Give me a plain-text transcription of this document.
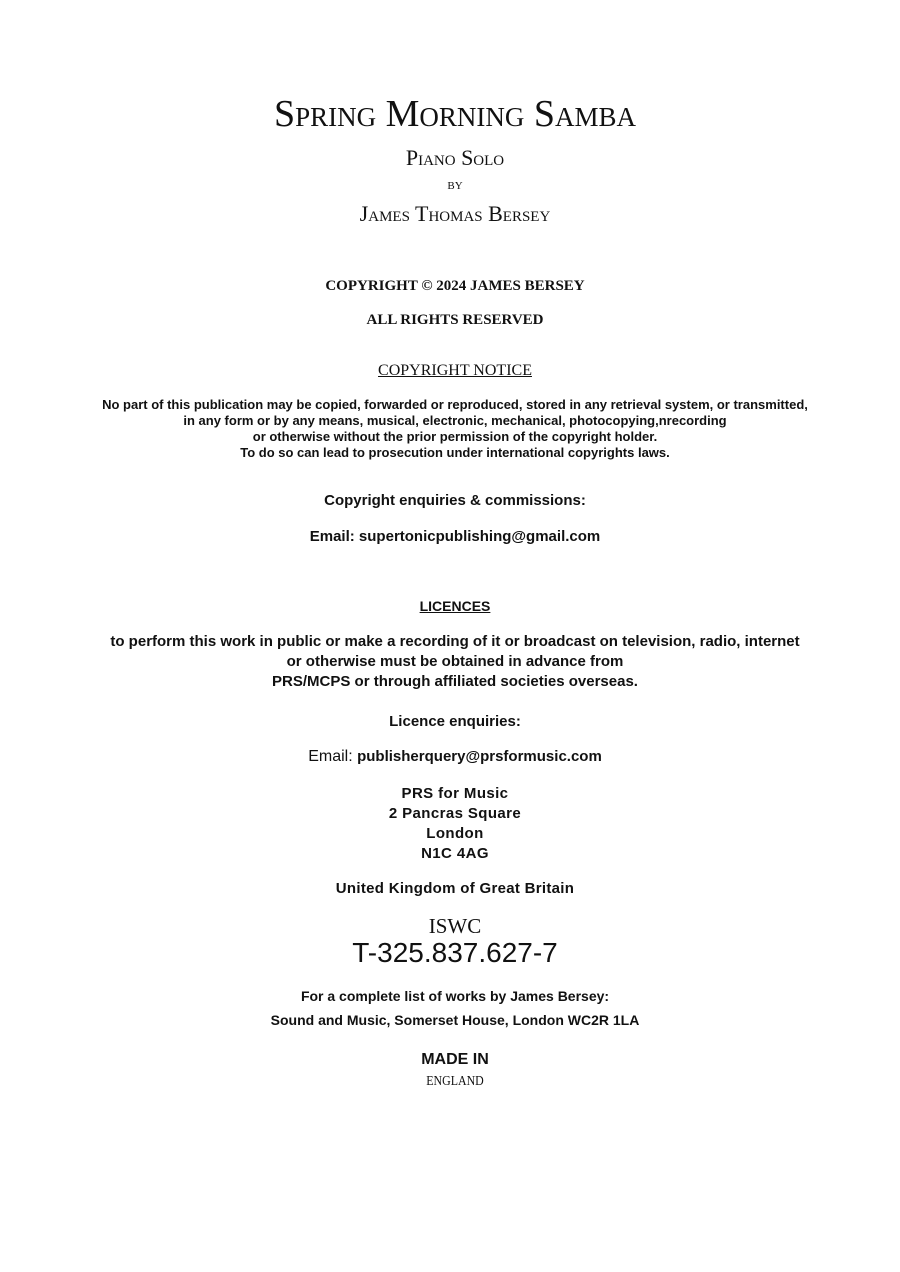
Spring Morning Samba
Piano Solo
by
James Thomas Bersey
COPYRIGHT © 2024 JAMES BERSEY
ALL RIGHTS RESERVED
COPYRIGHT NOTICE
No part of this publication may be copied, forwarded or reproduced, stored in any retrieval system, or transmitted,
in any form or by any means, musical, electronic, mechanical, photocopying,nrecording
or otherwise without the prior permission of the copyright holder.
To do so can lead to prosecution under international copyrights laws.
Copyright enquiries & commissions:
Email: supertonicpublishing@gmail.com
LICENCES
to perform this work in public or make a recording of it or broadcast on television, radio, internet
or otherwise must be obtained in advance from
PRS/MCPS or through affiliated societies overseas.
Licence enquiries:
Email: publisherquery@prsformusic.com
PRS for Music
2 Pancras Square
London
N1C 4AG
United Kingdom of Great Britain
ISWC
T-325.837.627-7
For a complete list of works by James Bersey:
Sound and Music, Somerset House, London WC2R 1LA
MADE IN
ENGLAND
